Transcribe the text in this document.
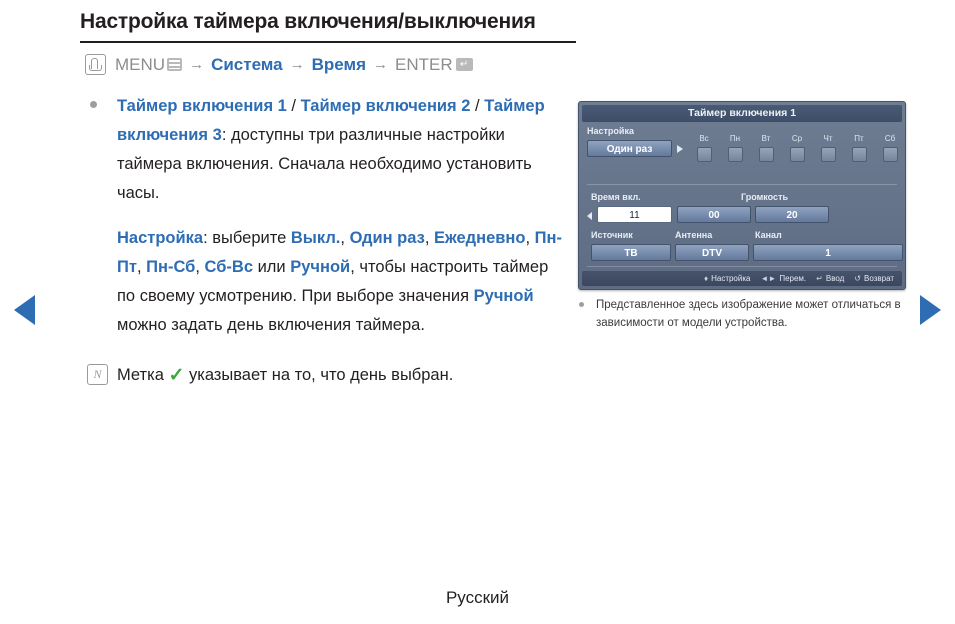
Настройка таймера включения/выключения
MENU → Система → Время → ENTER ↵
Таймер включения 1 / Таймер включения 2 / Таймер включения 3: доступны три различные настройки таймера включения. Сначала необходимо установить часы.
Настройка: выберите Выкл., Один раз, Ежедневно, Пн-Пт, Пн-Сб, Сб-Вс или Ручной, чтобы настроить таймер по своему усмотрению. При выборе значения Ручной можно задать день включения таймера.
N Метка ✓ указывает на то, что день выбран.
Таймер включения 1
Настройка
Один раз
Вс	Пн	Вт	Ср	Чт	Пт	Сб
Время вкл.	Громкость
11	00	20
Источник	Антенна	Канал
ТВ	DTV	1
♦ Настройка ◄► Перем. ↵ Ввод ↺ Возврат
Представленное здесь изображение может отличаться в зависимости от модели устройства.
Русский
